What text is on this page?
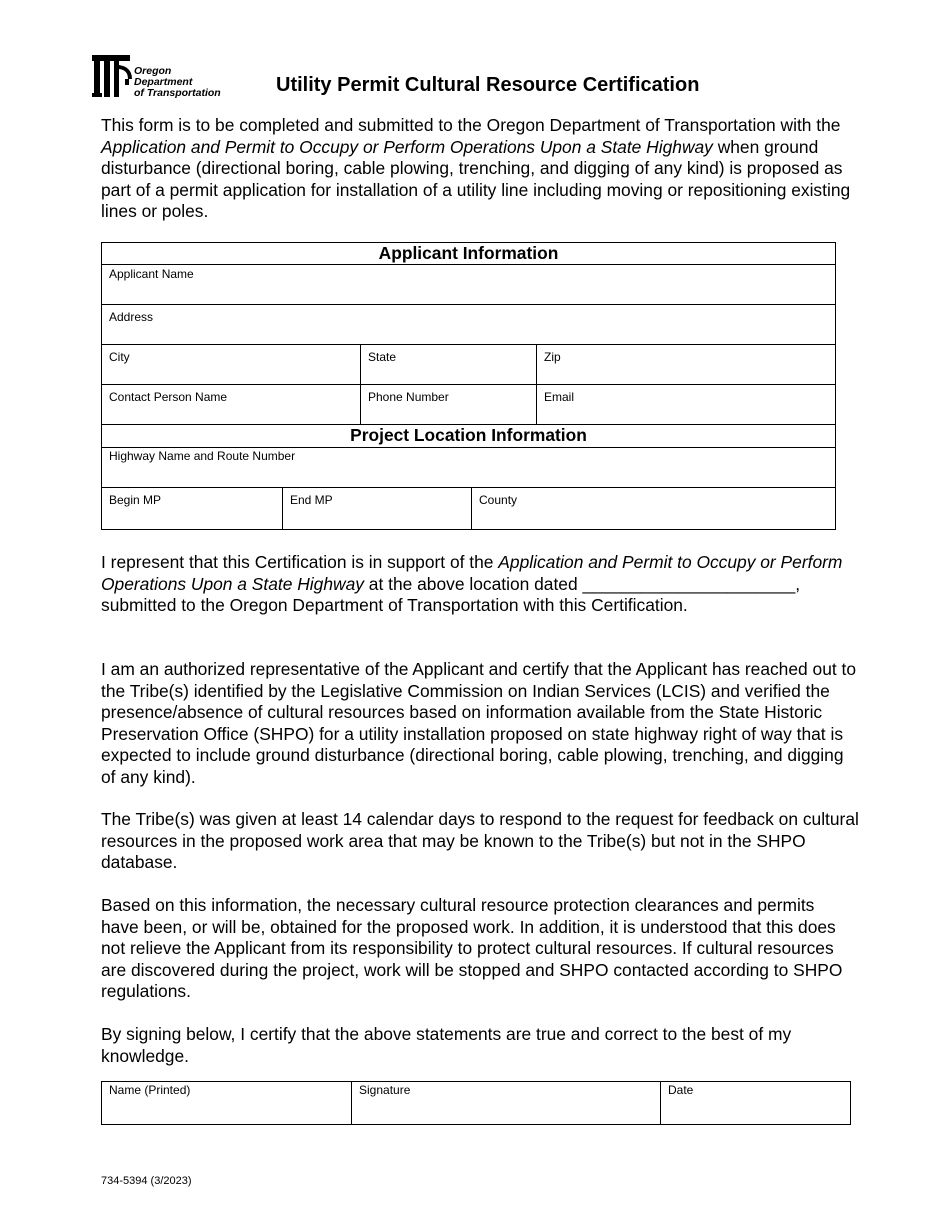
Oregon
Department
of Transportation	Utility Permit Cultural Resource Certification

This form is to be completed and submitted to the Oregon Department of Transportation with the Application and Permit to Occupy or Perform Operations Upon a State Highway when ground disturbance (directional boring, cable plowing, trenching, and digging of any kind) is proposed as part of a permit application for installation of a utility line including moving or repositioning existing lines or poles.

Applicant Information				

Applicant Name				

Address				

City		State		Zip

Contact Person Name		Phone Number		Email

Project Location Information				

Highway Name and Route Number				

Begin MP	End MP		County	

I represent that this Certification is in support of the Application and Permit to Occupy or Perform Operations Upon a State Highway at the above location dated ______________________, submitted to the Oregon Department of Transportation with this Certification.

I am an authorized representative of the Applicant and certify that the Applicant has reached out to the Tribe(s) identified by the Legislative Commission on Indian Services (LCIS) and verified the presence/absence of cultural resources based on information available from the State Historic Preservation Office (SHPO) for a utility installation proposed on state highway right of way that is expected to include ground disturbance (directional boring, cable plowing, trenching, and digging of any kind).

The Tribe(s) was given at least 14 calendar days to respond to the request for feedback on cultural resources in the proposed work area that may be known to the Tribe(s) but not in the SHPO database.

Based on this information, the necessary cultural resource protection clearances and permits have been, or will be, obtained for the proposed work. In addition, it is understood that this does not relieve the Applicant from its responsibility to protect cultural resources. If cultural resources are discovered during the project, work will be stopped and SHPO contacted according to SHPO regulations.

By signing below, I certify that the above statements are true and correct to the best of my knowledge.

Name (Printed)	Signature	Date
734-5394 (3/2023)
